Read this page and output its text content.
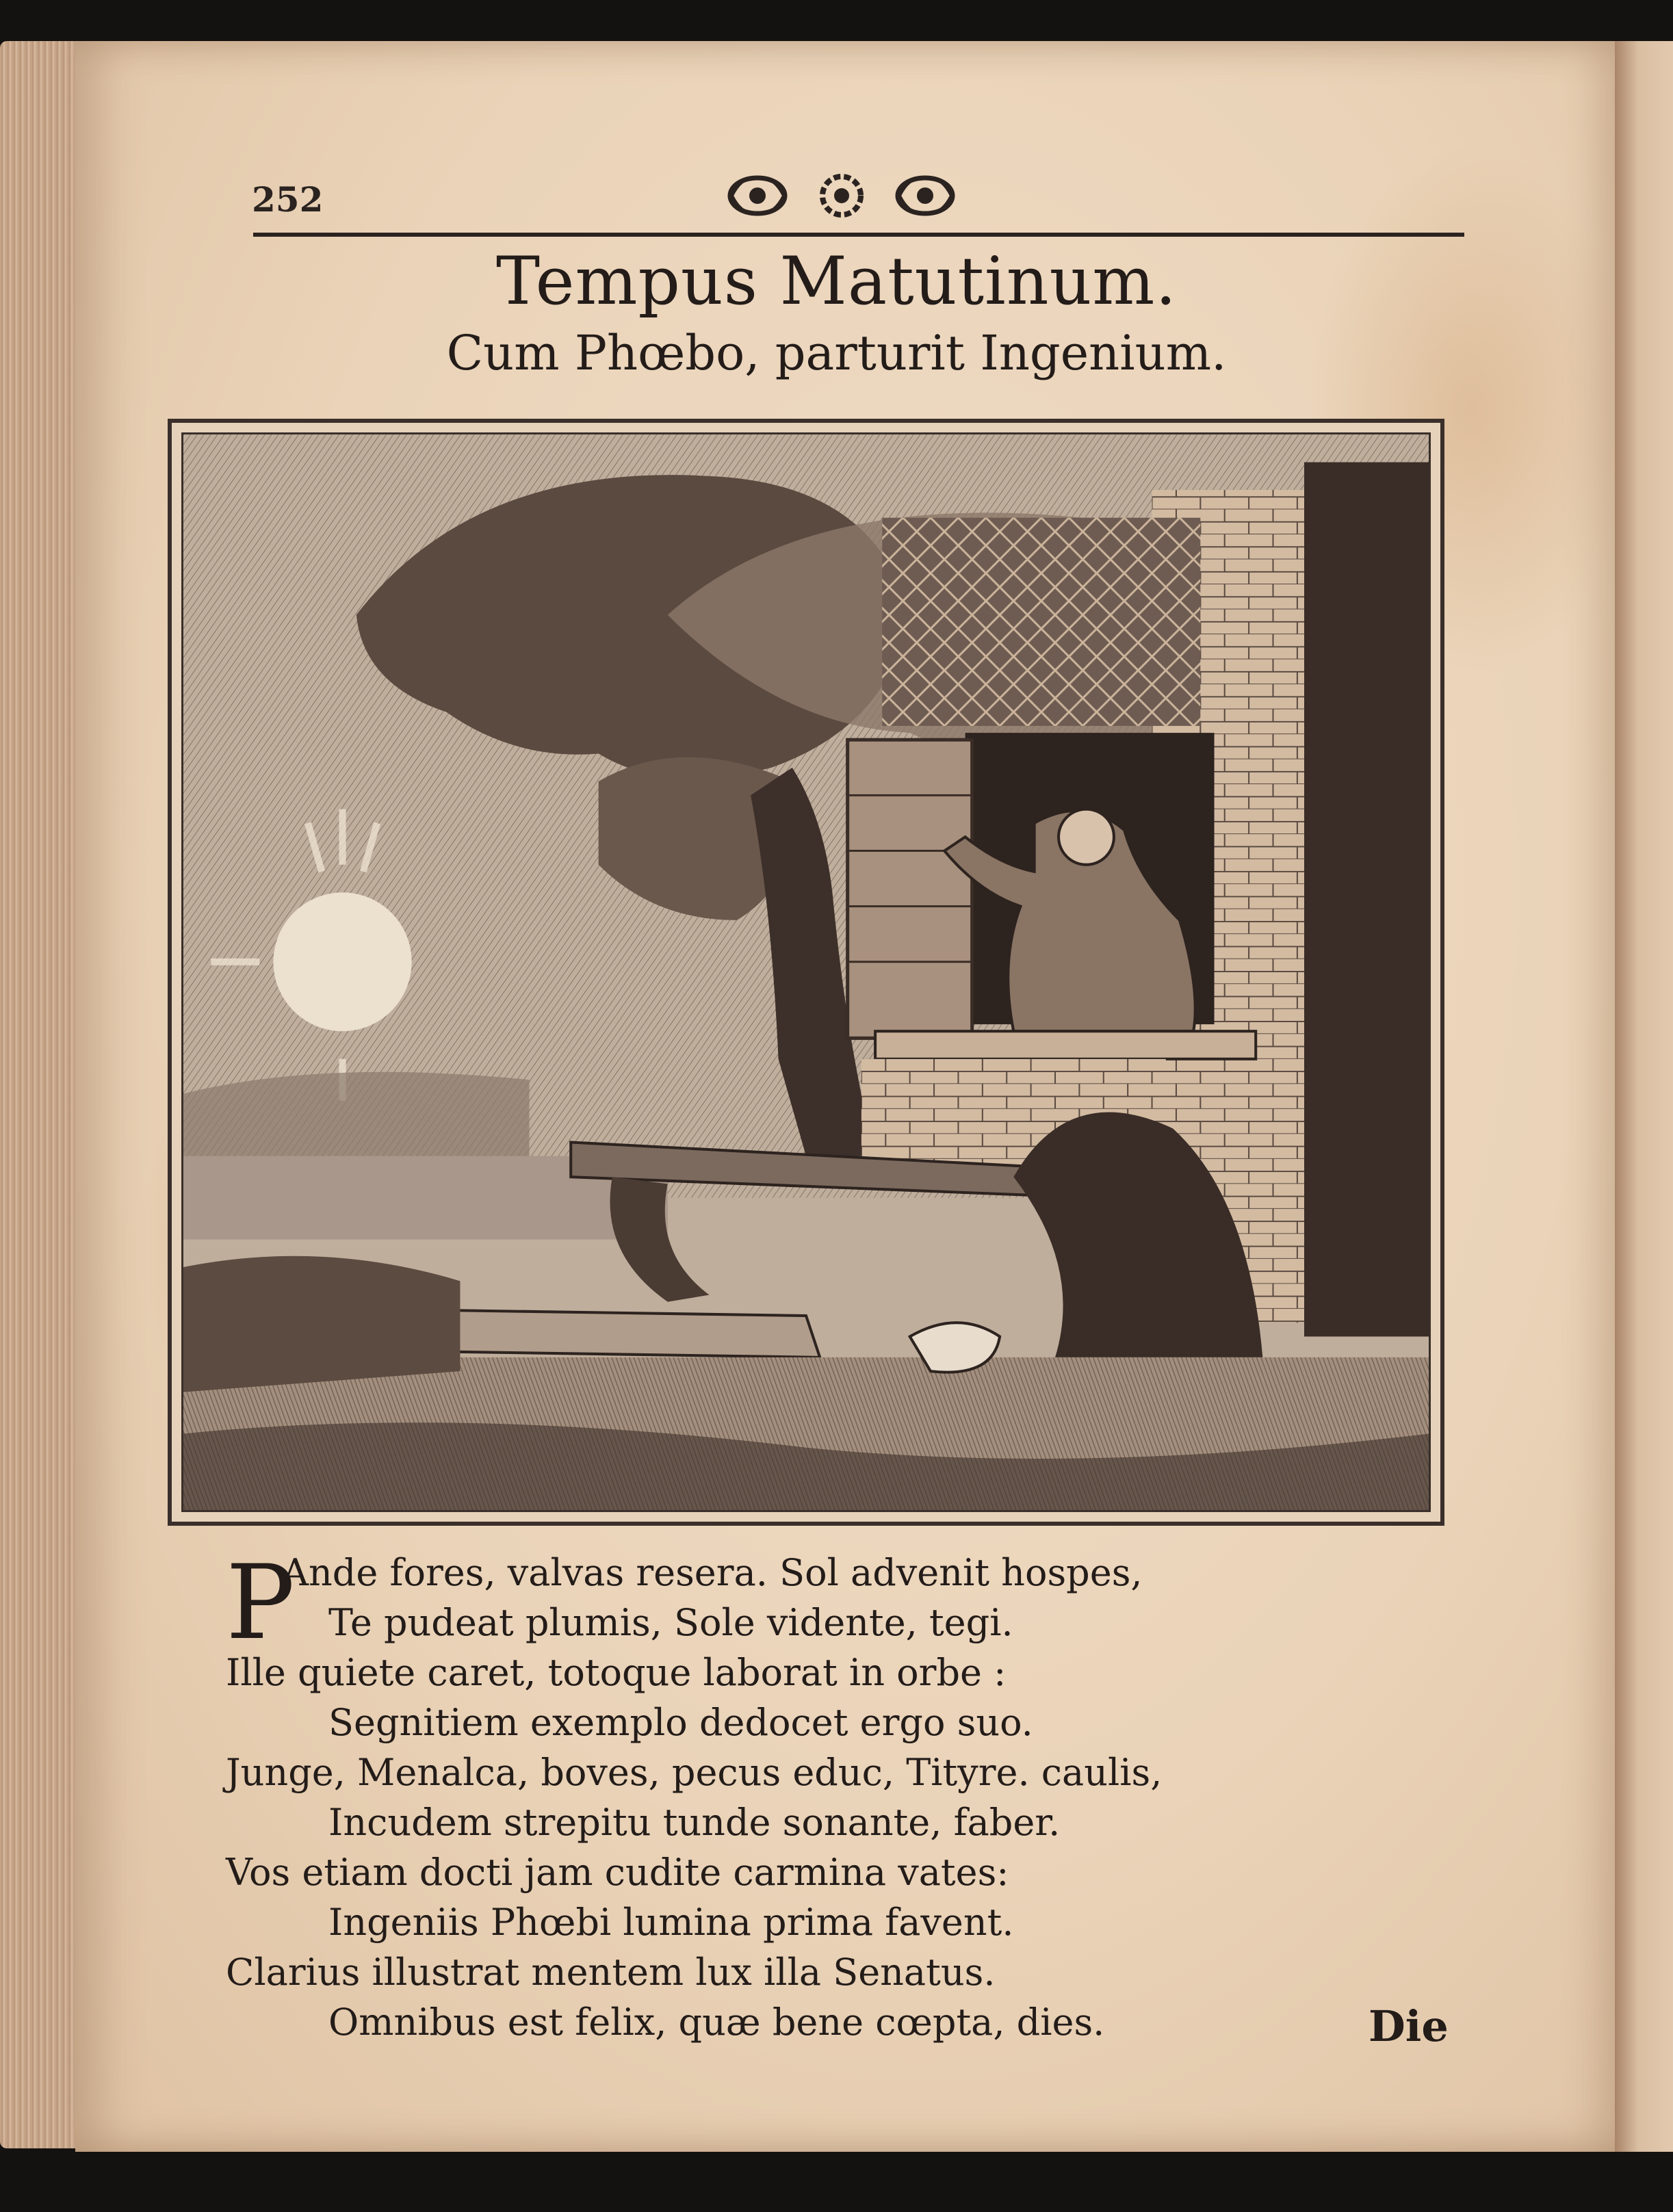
252
Tempus Matutinum.
Cum Phœbo, parturit Ingenium.
P
Ande fores, valvas resera. Sol advenit hospes,
Te pudeat plumis, Sole vidente, tegi.
Ille quiete caret, totoque laborat in orbe :
Segnitiem exemplo dedocet ergo suo.
Junge, Menalca, boves, pecus educ, Tityre. caulis,
Incudem strepitu tunde sonante, faber.
Vos etiam docti jam cudite carmina vates:
Ingeniis Phœbi lumina prima favent.
Clarius illustrat mentem lux illa Senatus.
Omnibus est felix, quæ bene cœpta, dies.	Die
